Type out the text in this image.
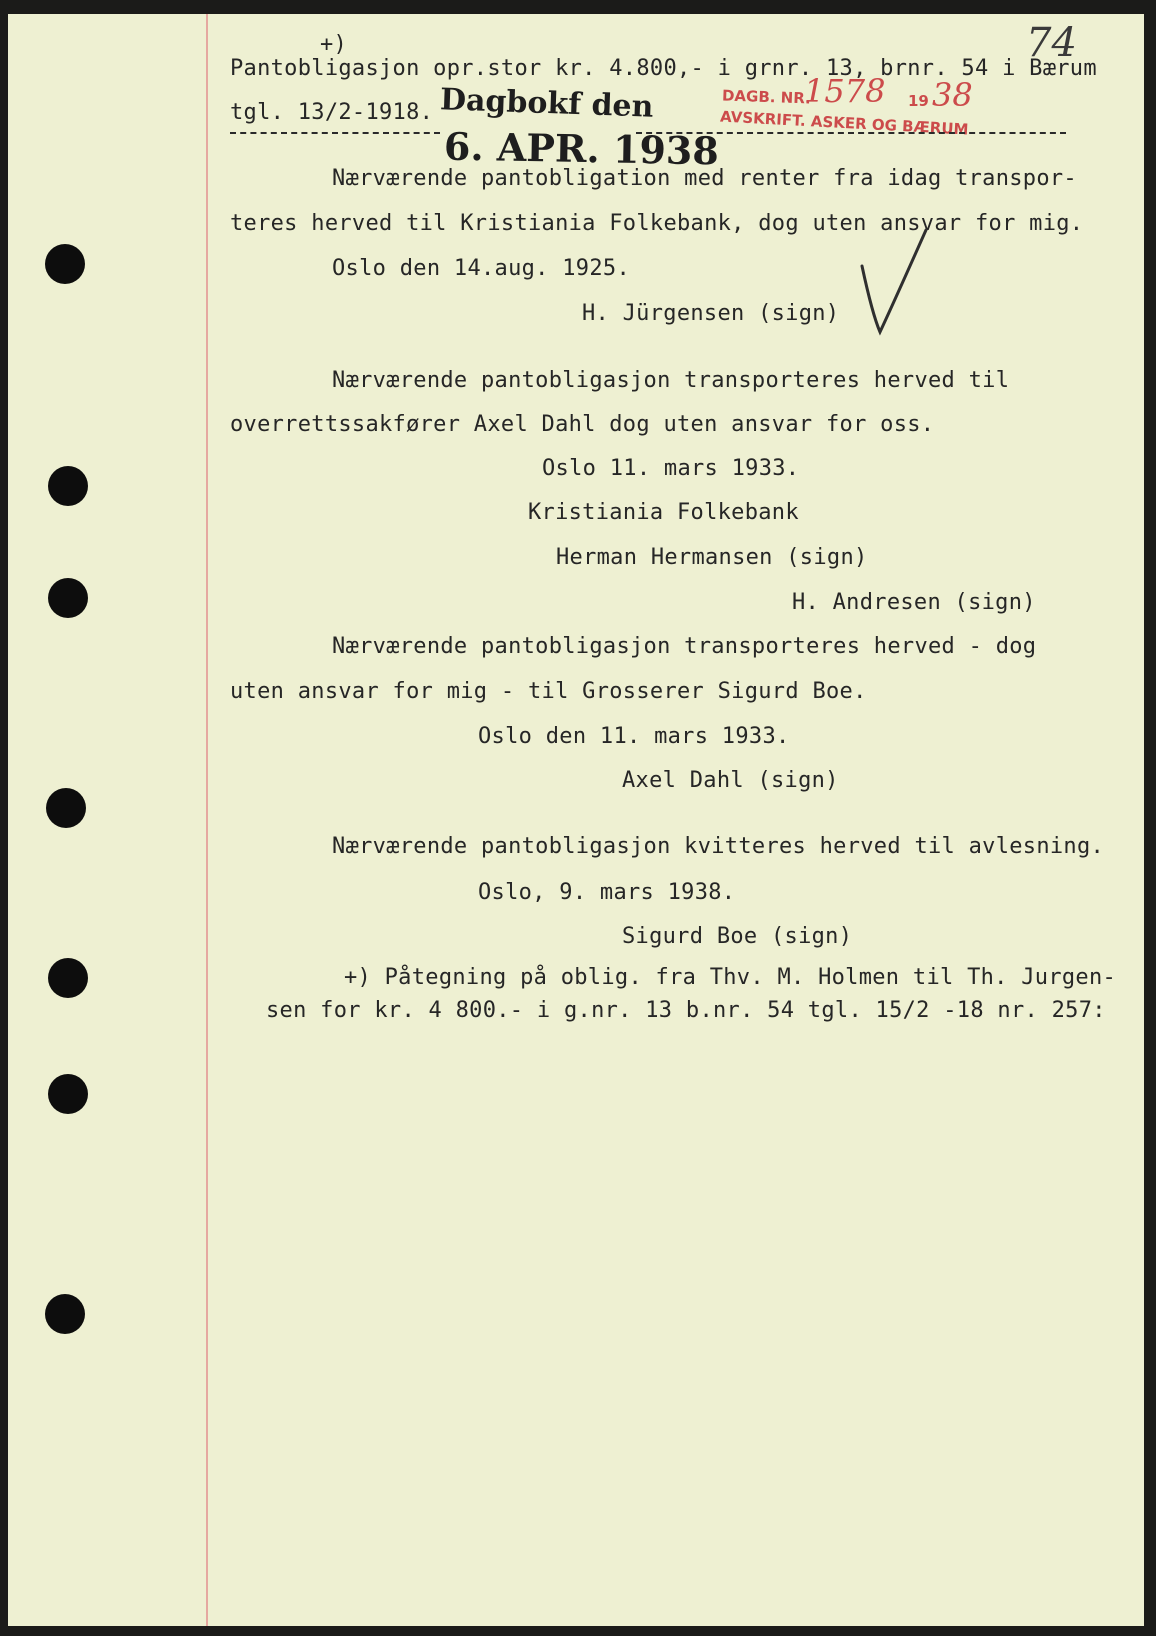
74
+)
Pantobligasjon opr.stor kr. 4.800,- i grnr. 13, brnr. 54 i Bærum
tgl. 13/2-1918. Dagbokf den
6. APR. 1938
DAGB. NR.
1578 19 38
AVSKRIFT. ASKER OG BÆRUM
Nærværende pantobligation med renter fra idag transpor-
teres herved til Kristiania Folkebank, dog uten ansvar for mig.
Oslo den 14.aug. 1925.
H. Jürgensen (sign)
Nærværende pantobligasjon transporteres herved til
overrettssakfører Axel Dahl dog uten ansvar for oss.
Oslo 11. mars 1933.
Kristiania Folkebank
Herman Hermansen (sign)
H. Andresen (sign)
Nærværende pantobligasjon transporteres herved - dog
uten ansvar for mig - til Grosserer Sigurd Boe.
Oslo den 11. mars 1933.
Axel Dahl (sign)
Nærværende pantobligasjon kvitteres herved til avlesning.
Oslo, 9. mars 1938.
Sigurd Boe (sign)
+) Påtegning på oblig. fra Thv. M. Holmen til Th. Jurgen-
sen for kr. 4 800.- i g.nr. 13 b.nr. 54 tgl. 15/2 -18 nr. 257:
